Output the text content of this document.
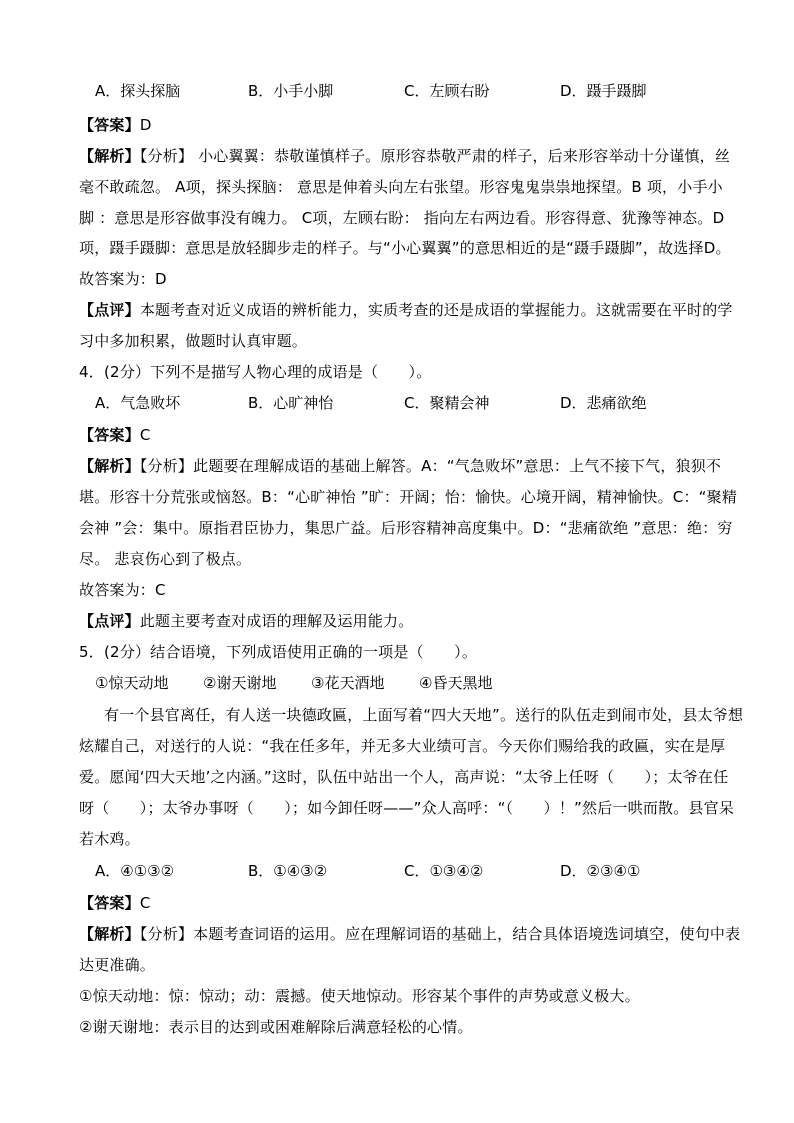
A．探头探脑	B．小手小脚	C．左顾右盼	D．蹑手蹑脚
【答案】D
【解析】【分析】 小心翼翼：恭敬谨慎样子。原形容恭敬严肃的样子，后来形容举动十分谨慎，丝
毫不敢疏忽。 A项，探头探脑： 意思是伸着头向左右张望。形容鬼鬼祟祟地探望。B 项，小手小
脚 ：意思是形容做事没有魄力。 C项，左顾右盼： 指向左右两边看。形容得意、犹豫等神态。D
项，蹑手蹑脚：意思是放轻脚步走的样子。与“小心翼翼”的意思相近的是“蹑手蹑脚”，故选择D。
故答案为：D
【点评】本题考查对近义成语的辨析能力，实质考查的还是成语的掌握能力。这就需要在平时的学
习中多加积累，做题时认真审题。
4．(2分）下列不是描写人物心理的成语是（　　）。
A．气急败坏	B．心旷神怡	C．聚精会神	D．悲痛欲绝
【答案】C
【解析】【分析】此题要在理解成语的基础上解答。A：“气急败坏”意思：上气不接下气，狼狈不
堪。形容十分荒张或恼怒。B：“心旷神怡 ”旷：开阔；怡：愉快。心境开阔，精神愉快。C：“聚精
会神 ”会：集中。原指君臣协力，集思广益。后形容精神高度集中。D：“悲痛欲绝 ”意思：绝：穷
尽。 悲哀伤心到了极点。
故答案为：C
【点评】此题主要考查对成语的理解及运用能力。
5．(2分）结合语境，下列成语使用正确的一项是（　　）。
①惊天动地 ②谢天谢地 ③花天酒地 ④昏天黑地
有一个县官离任，有人送一块德政匾，上面写着“四大天地”。送行的队伍走到闹市处，县太爷想
炫耀自己，对送行的人说：“我在任多年，并无多大业绩可言。今天你们赐给我的政匾，实在是厚
爱。愿闻‘四大天地’之内涵。”这时，队伍中站出一个人，高声说：“太爷上任呀（　　）；太爷在任
呀（　　）；太爷办事呀（　　）；如今卸任呀——”众人高呼：“（　　）！”然后一哄而散。县官呆
若木鸡。
A．④①③②	B．①④③②	C．①③④②	D．②③④①
【答案】C
【解析】【分析】本题考查词语的运用。应在理解词语的基础上，结合具体语境选词填空，使句中表
达更准确。
①惊天动地：惊：惊动；动：震撼。使天地惊动。形容某个事件的声势或意义极大。
②谢天谢地：表示目的达到或困难解除后满意轻松的心情。
